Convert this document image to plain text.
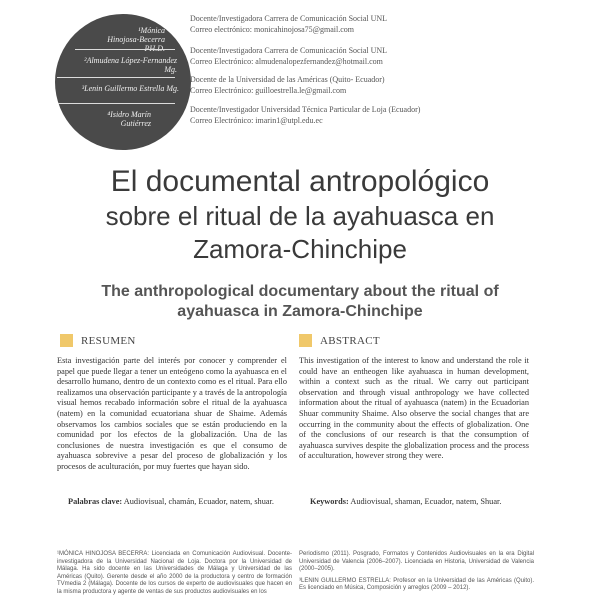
¹Mónica
Hinojosa-Becerra

²Almudena López-Fernandez
Mg.
³Lenin Guillermo Estrella Mg.
⁴Isidro Marín
Gutiérrez
Docente/Investigadora Carrera de Comunicación Social UNL
Correo electrónico: monicahinojosa75@gmail.com
Docente/Investigadora Carrera de Comunicación Social UNL
Correo Electrónico: almudenalopezfernandez@hotmail.com
Docente de la Universidad de las Américas (Quito- Ecuador)
Correo Electrónico: guilloestrella.le@gmail.com
Docente/Investigador Universidad Técnica Particular de Loja (Ecuador)
Correo Electrónico: imarin1@utpl.edu.ec
El documental antropológico
sobre el ritual de la ayahuasca en
Zamora-Chinchipe
The anthropological documentary about the ritual of
ayahuasca in Zamora-Chinchipe
RESUMEN	ABSTRACT

Esta investigación parte del interés por conocer y comprender el papel que puede llegar a tener un enteógeno como la ayahuasca en el desarrollo humano, dentro de un contexto como es el ritual. Para ello realizamos una observación participante y a través de la antropología visual hemos recabado información sobre el ritual de la ayahuasca (natem) en la comunidad ecuatoriana shuar de Shaime. Además observamos los cambios sociales que se están produciendo en la comunidad por los efectos de la globalización. Una de las conclusiones de nuestra investigación es que el consumo de ayahuasca sobrevive a pesar del proceso de globalización y los procesos de aculturación, por muy fuertes que hayan sido.

This investigation of the interest to know and understand the role it could have an entheogen like ayahuasca in human development, within a context such as the ritual. We carry out participant observation and through visual anthropology we have collected information about the ritual of ayahuasca (natem) in the Ecuadorian Shuar community Shaime. Also observe the social changes that are occurring in the community about the effects of globalization. One of the conclusions of our research is that the consumption of ayahuasca survives despite the globalization process and the process of acculturation, however strong they were.

Palabras clave: Audiovisual, chamán, Ecuador, natem, shuar.	Keywords: Audiovisual, shaman, Ecuador, natem, Shuar.

¹MÓNICA HINOJOSA BECERRA: Licenciada en Comunicación Audiovisual. Docente-investigadora de la Universidad Nacional de Loja. Doctora por la Universidad de Málaga. Ha sido docente en las Universidades de Málaga y Universidad de las Américas (Quito). Gerente desde el año 2000 de la productora y centro de formación TVmedia 2 (Málaga). Docente de los cursos de experto de audiovisuales que hacen en la misma productora y agente de ventas de sus productos audiovisuales en los

Periodismo (2011). Posgrado, Formatos y Contenidos Audiovisuales en la era Digital Universidad de Valencia (2006–2007). Licenciada en Historia, Universidad de Valencia (2000–2005).

³LENIN GUILLERMO ESTRELLA: Profesor en la Universidad de las Américas (Quito). Es licenciado en Música, Composición y arreglos (2009 – 2012).
